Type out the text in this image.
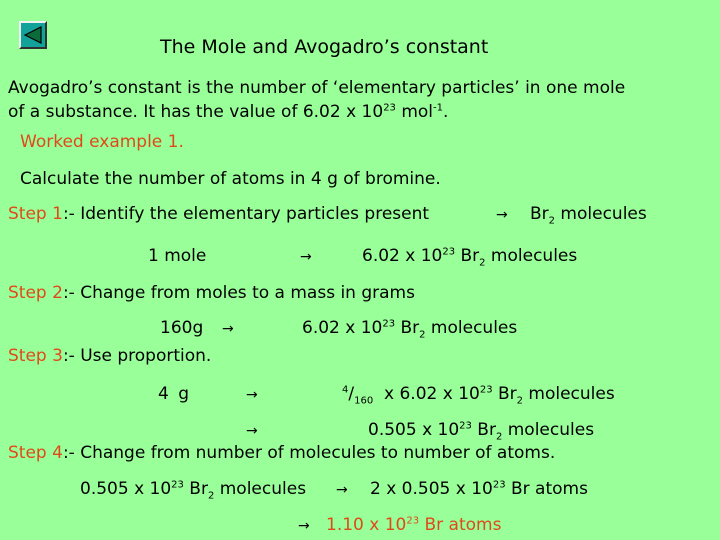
The Mole and Avogadro’s constant
Avogadro’s constant is the number of ‘elementary particles’ in one mole
of a substance. It has the value of 6.02 x $10^{23}$ mol$^{-1}$.
Worked example 1.
Calculate the number of atoms in 4 g of bromine.
Step 1:- Identify the elementary particles present	→ $Br_2$ molecules
1 mole	→	6.02 x $10^{23}$ $Br_2$ molecules
Step 2:- Change from moles to a mass in grams
160g →	6.02 x $10^{23}$ $Br_2$ molecules
Step 3:- Use proportion.
4 g	→	$^4/_{160}$  x 6.02 x $10^{23}$ $Br_2$ molecules
→	0.505 x $10^{23}$ $Br_2$ molecules
Step 4:- Change from number of molecules to number of atoms.
0.505 x $10^{23}$ $Br_2$ molecules → 2 x 0.505 x $10^{23}$ Br atoms
→ 1.10 x $10^{23}$ Br atoms
